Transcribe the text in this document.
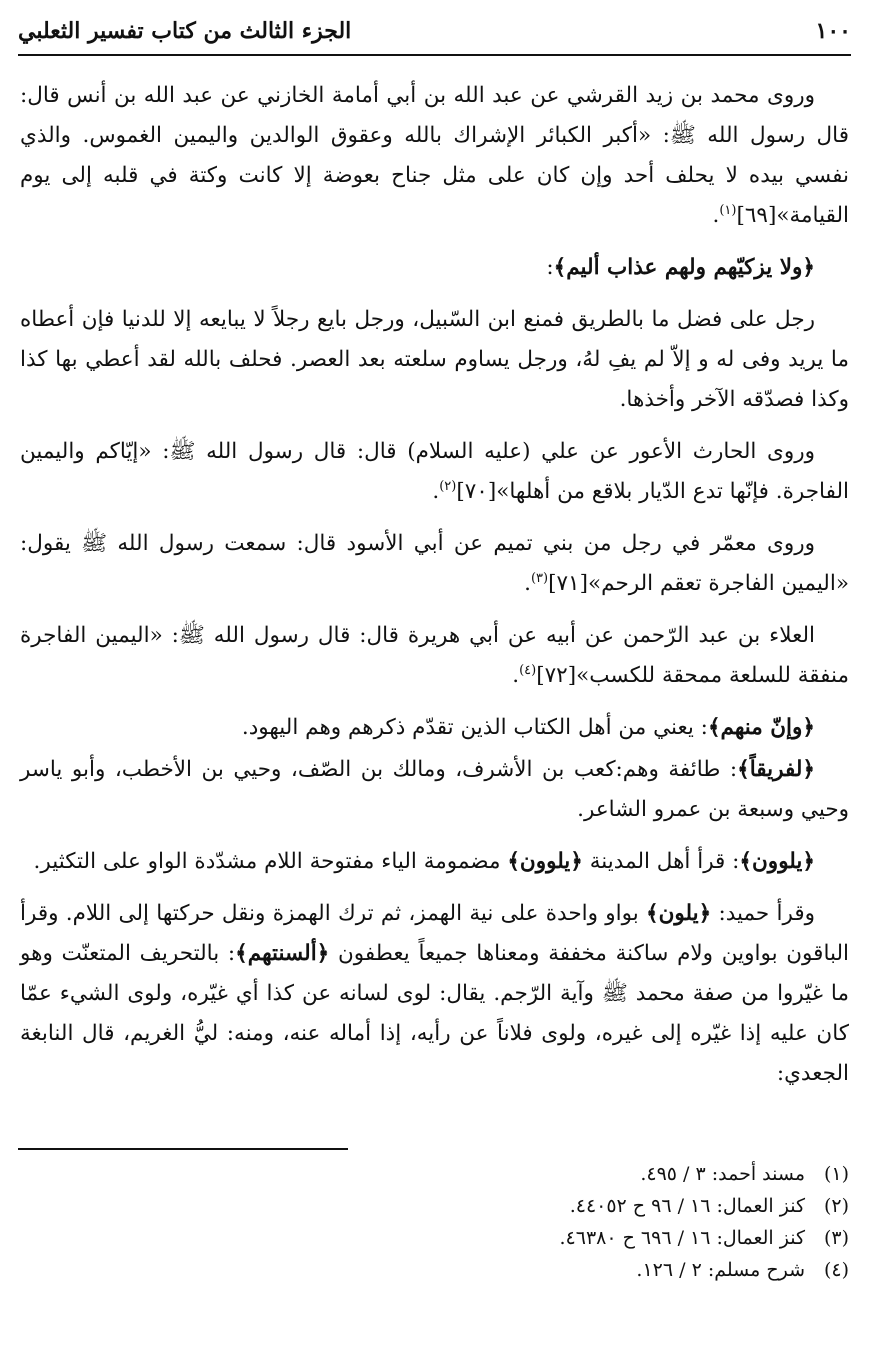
١٠٠
الجزء الثالث من كتاب تفسير الثعلبي

وروى محمد بن زيد القرشي عن عبد الله بن أبي أمامة الخازني عن عبد الله بن أنس قال: قال رسول الله ﷺ: «أكبر الكبائر الإشراك بالله وعقوق الوالدين واليمين الغموس. والذي نفسي بيده لا يحلف أحد وإن كان على مثل جناح بعوضة إلا كانت وكتة في قلبه إلى يوم القيامة»[٦٩]$^{(١)}$.

﴿ولا يزكيّهم ولهم عذاب أليم﴾:

رجل على فضل ما بالطريق فمنع ابن السّبيل، ورجل بايع رجلاً لا يبايعه إلا للدنيا فإن أعطاه ما يريد وفى له و إلاّ لم يفِ لهُ، ورجل يساوم سلعته بعد العصر. فحلف بالله لقد أعطي بها كذا وكذا فصدّقه الآخر وأخذها.

وروى الحارث الأعور عن علي (عليه السلام) قال: قال رسول الله ﷺ: «إيّاكم واليمين الفاجرة. فإنّها تدع الدّيار بلاقع من أهلها»[٧٠]$^{(٢)}$.

وروى معمّر في رجل من بني تميم عن أبي الأسود قال: سمعت رسول الله ﷺ يقول: «اليمين الفاجرة تعقم الرحم»[٧١]$^{(٣)}$.

العلاء بن عبد الرّحمن عن أبيه عن أبي هريرة قال: قال رسول الله ﷺ: «اليمين الفاجرة منفقة للسلعة ممحقة للكسب»[٧٢]$^{(٤)}$.

﴿وإنّ منهم﴾: يعني من أهل الكتاب الذين تقدّم ذكرهم وهم اليهود.

﴿لفريقاً﴾: طائفة وهم:كعب بن الأشرف، ومالك بن الصّف، وحيي بن الأخطب، وأبو ياسر وحيي وسبعة بن عمرو الشاعر.

﴿يلوون﴾: قرأ أهل المدينة ﴿يلوون﴾ مضمومة الياء مفتوحة اللام مشدّدة الواو على التكثير.

وقرأ حميد: ﴿يلون﴾ بواو واحدة على نية الهمز، ثم ترك الهمزة ونقل حركتها إلى اللام. وقرأ الباقون بواوين ولام ساكنة مخففة ومعناها جميعاً يعطفون ﴿ألسنتهم﴾: بالتحريف المتعنّت وهو ما غيّروا من صفة محمد ﷺ وآية الرّجم. يقال: لوى لسانه عن كذا أي غيّره، ولوى الشيء عمّا كان عليه إذا غيّره إلى غيره، ولوى فلاناً عن رأيه، إذا أماله عنه، ومنه: ليُّ الغريم، قال النابغة الجعدي:

(١)
مسند أحمد: ٣ / ٤٩٥.
(٢)
كنز العمال: ١٦ / ٩٦ ح ٤٤٠٥٢.
(٣)
كنز العمال: ١٦ / ٦٩٦ ح ٤٦٣٨٠.
(٤)
شرح مسلم: ٢ / ١٢٦.
